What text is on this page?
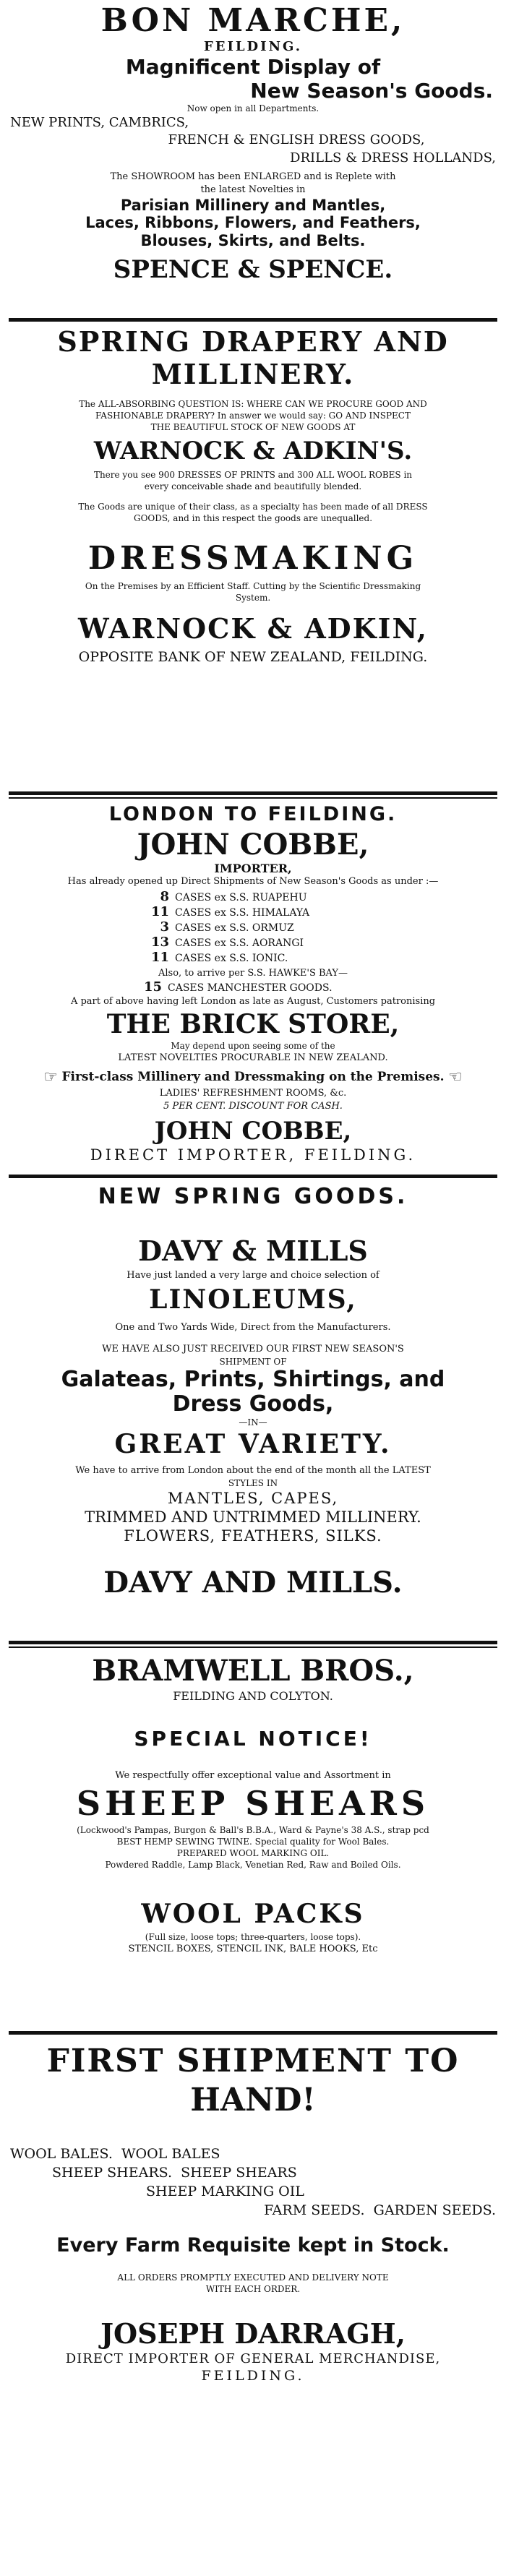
BON MARCHE,

FEILDING.

Magnificent Display of

New Season's Goods.

Now open in all Departments.

NEW PRINTS, CAMBRICS,

FRENCH & ENGLISH DRESS GOODS,

DRILLS & DRESS HOLLANDS,

The SHOWROOM has been ENLARGED and is Replete with

the latest Novelties in

Parisian Millinery and Mantles,

Laces, Ribbons, Flowers, and Feathers,

Blouses, Skirts, and Belts.

SPENCE & SPENCE.

SPRING DRAPERY AND

MILLINERY.

The ALL-ABSORBING QUESTION IS: WHERE CAN WE PROCURE GOOD AND

FASHIONABLE DRAPERY? In answer we would say: GO AND INSPECT

THE BEAUTIFUL STOCK OF NEW GOODS AT

WARNOCK & ADKIN'S.

There you see 900 DRESSES OF PRINTS and 300 ALL WOOL ROBES in

every conceivable shade and beautifully blended.

The Goods are unique of their class, as a specialty has been made of all DRESS

GOODS, and in this respect the goods are unequalled.

DRESSMAKING

On the Premises by an Efficient Staff. Cutting by the Scientific Dressmaking

System.

WARNOCK & ADKIN,

OPPOSITE BANK OF NEW ZEALAND, FEILDING.

LONDON TO FEILDING.

JOHN COBBE,

IMPORTER,

Has already opened up Direct Shipments of New Season's Goods as under :—

8 CASES ex S.S. RUAPEHU
11 CASES ex S.S. HIMALAYA
3 CASES ex S.S. ORMUZ
13 CASES ex S.S. AORANGI
11 CASES ex S.S. IONIC.

Also, to arrive per S.S. HAWKE'S BAY—

15 CASES MANCHESTER GOODS.

A part of above having left London as late as August, Customers patronising

THE BRICK STORE,

May depend upon seeing some of the

LATEST NOVELTIES PROCURABLE IN NEW ZEALAND.

☞ First-class Millinery and Dressmaking on the Premises. ☜

LADIES' REFRESHMENT ROOMS, &c.

5 PER CENT. DISCOUNT FOR CASH.

JOHN COBBE,

DIRECT IMPORTER, FEILDING.

NEW SPRING GOODS.

DAVY & MILLS

Have just landed a very large and choice selection of

LINOLEUMS,

One and Two Yards Wide, Direct from the Manufacturers.

WE HAVE ALSO JUST RECEIVED OUR FIRST NEW SEASON'S

SHIPMENT OF

Galateas, Prints, Shirtings, and

Dress Goods,

—IN—

GREAT VARIETY.

We have to arrive from London about the end of the month all the LATEST

STYLES IN

MANTLES, CAPES,

TRIMMED AND UNTRIMMED MILLINERY.

FLOWERS, FEATHERS, SILKS.

DAVY AND MILLS.

BRAMWELL BROS.,

FEILDING AND COLYTON.

SPECIAL NOTICE!

We respectfully offer exceptional value and Assortment in

SHEEP SHEARS

(Lockwood's Pampas, Burgon & Ball's B.B.A., Ward & Payne's 38 A.S., strap pcd

BEST HEMP SEWING TWINE. Special quality for Wool Bales.

PREPARED WOOL MARKING OIL.

Powdered Raddle, Lamp Black, Venetian Red, Raw and Boiled Oils.

WOOL PACKS

(Full size, loose tops; three-quarters, loose tops).

STENCIL BOXES, STENCIL INK, BALE HOOKS, Etc

FIRST SHIPMENT TO

HAND!

WOOL BALES. WOOL BALES
SHEEP SHEARS. SHEEP SHEARS
SHEEP MARKING OIL
FARM SEEDS. GARDEN SEEDS.

Every Farm Requisite kept in Stock.

ALL ORDERS PROMPTLY EXECUTED AND DELIVERY NOTE

WITH EACH ORDER.

JOSEPH DARRAGH,

DIRECT IMPORTER OF GENERAL MERCHANDISE,

FEILDING.
